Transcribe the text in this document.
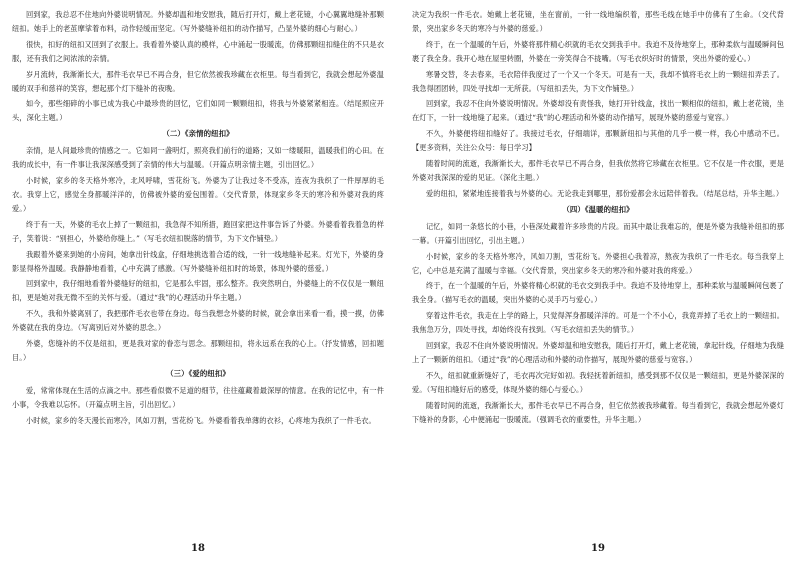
回到家，我总忍不住地向外婆说明情况。外婆却温和地安慰我，随后打开灯，戴上老花镜，小心翼翼地缝补那颗纽扣。她手上的老茧摩挲着布料，动作轻缓而坚定。（写外婆缝补纽扣的动作描写，凸显外婆的细心与耐心。）

很快，扣好的纽扣又回到了衣服上。我看着外婆认真的模样，心中涌起一股暖流，仿佛那颗纽扣缝住的不只是衣服，还有我们之间浓浓的亲情。

岁月流转，我渐渐长大，那件毛衣早已不再合身，但它依然被我珍藏在衣柜里。每当看到它，我就会想起外婆温暖的双手和慈祥的笑容，想起那个灯下缝补的夜晚。

如今，那些细碎的小事已成为我心中最珍贵的回忆，它们如同一颗颗纽扣，将我与外婆紧紧相连。（结尾照应开头，深化主题。）

（二）《亲情的纽扣》

亲情，是人间最珍贵的情感之一。它如同一盏明灯，照亮我们前行的道路；又如一缕暖阳，温暖我们的心田。在我的成长中，有一件事让我深深感受到了亲情的伟大与温暖。（开篇点明亲情主题，引出回忆。）

小时候，家乡的冬天格外寒冷，北风呼啸，雪花纷飞。外婆为了让我过冬不受冻，连夜为我织了一件厚厚的毛衣。我穿上它，感觉全身都暖洋洋的，仿佛被外婆的爱包围着。（交代背景，体现家乡冬天的寒冷和外婆对我的疼爱。）

终于有一天，外婆的毛衣上掉了一颗纽扣，我急得不知所措，跑回家把这件事告诉了外婆。外婆看着我着急的样子，笑着说：“别担心，外婆给你缝上。”（写毛衣纽扣脱落的情节，为下文作铺垫。）

我跟着外婆来到她的小房间，她拿出针线盒，仔细地挑选着合适的线，一针一线地缝补起来。灯光下，外婆的身影显得格外温暖。我静静地看着，心中充满了感激。（写外婆缝补纽扣时的场景，体现外婆的慈爱。）

回到家中，我仔细地看着外婆缝好的纽扣，它是那么牢固，那么整齐。我突然明白，外婆缝上的不仅仅是一颗纽扣，更是她对我无微不至的关怀与爱。（通过“我”的心理活动升华主题。）

不久，我和外婆离别了，我把那件毛衣也带在身边。每当我想念外婆的时候，就会拿出来看一看，摸一摸，仿佛外婆就在我的身边。（写离别后对外婆的思念。）

外婆，您缝补的不仅是纽扣，更是我对家的眷恋与思念。那颗纽扣，将永远系在我的心上。（抒发情感，回扣题目。）

（三）《爱的纽扣》

爱，常常体现在生活的点滴之中。那些看似微不足道的细节，往往蕴藏着最深厚的情意。在我的记忆中，有一件小事，令我难以忘怀。（开篇点明主旨，引出回忆。）

小时候，家乡的冬天漫长而寒冷，风如刀割，雪花纷飞。外婆看着我单薄的衣衫，心疼地为我织了一件毛衣。

18

决定为我织一件毛衣。她戴上老花镜，坐在窗前，一针一线地编织着，那些毛线在她手中仿佛有了生命。（交代背景，突出家乡冬天的寒冷与外婆的慈爱。）

终于，在一个温暖的午后，外婆将那件精心织就的毛衣交到我手中。我迫不及待地穿上，那种柔软与温暖瞬间包裹了我全身。我开心地在屋里转圈，外婆在一旁笑得合不拢嘴。（写毛衣织好时的情景，突出外婆的爱心。）

寒暑交替，冬去春来，毛衣陪伴我度过了一个又一个冬天。可是有一天，我却不慎将毛衣上的一颗纽扣弄丢了。我急得团团转，四处寻找却一无所获。（写纽扣丢失，为下文作铺垫。）

回到家，我忍不住向外婆说明情况。外婆却没有责怪我，她打开针线盒，找出一颗相似的纽扣，戴上老花镜，坐在灯下，一针一线地缝了起来。（通过“我”的心理活动和外婆的动作描写，展现外婆的慈爱与宽容。）

不久，外婆便将纽扣缝好了。我接过毛衣，仔细端详，那颗新纽扣与其他的几乎一模一样，我心中感动不已。【更多资料，关注公众号：每日学习】

随着时间的流逝，我渐渐长大，那件毛衣早已不再合身，但我依然将它珍藏在衣柜里。它不仅是一件衣服，更是外婆对我深深的爱的见证。（深化主题。）

爱的纽扣，紧紧地连接着我与外婆的心。无论我走到哪里，那份爱都会永远陪伴着我。（结尾总结，升华主题。）

（四）《温暖的纽扣》

记忆，如同一条悠长的小巷，小巷深处藏着许多珍贵的片段。而其中最让我难忘的，便是外婆为我缝补纽扣的那一幕。（开篇引出回忆，引出主题。）

小时候，家乡的冬天格外寒冷，风如刀割，雪花纷飞。外婆担心我着凉，熬夜为我织了一件毛衣。每当我穿上它，心中总是充满了温暖与幸福。（交代背景，突出家乡冬天的寒冷和外婆对我的疼爱。）

终于，在一个温暖的午后，外婆将精心织就的毛衣交到我手中。我迫不及待地穿上，那种柔软与温暖瞬间包裹了我全身。（描写毛衣的温暖，突出外婆的心灵手巧与爱心。）

穿着这件毛衣，我走在上学的路上，只觉得浑身都暖洋洋的。可是一个不小心，我竟弄掉了毛衣上的一颗纽扣。我焦急万分，四处寻找，却始终没有找到。（写毛衣纽扣丢失的情节。）

回到家，我忍不住向外婆说明情况。外婆却温和地安慰我，随后打开灯，戴上老花镜，拿起针线，仔细地为我缝上了一颗新的纽扣。（通过“我”的心理活动和外婆的动作描写，展现外婆的慈爱与宽容。）

不久，纽扣就重新缝好了，毛衣再次完好如初。我轻抚着新纽扣，感受到那不仅仅是一颗纽扣，更是外婆深深的爱。（写纽扣缝好后的感受，体现外婆的细心与爱心。）

随着时间的流逝，我渐渐长大，那件毛衣早已不再合身，但它依然被我珍藏着。每当看到它，我就会想起外婆灯下缝补的身影，心中便涌起一股暖流。（强调毛衣的重要性，升华主题。）

19
